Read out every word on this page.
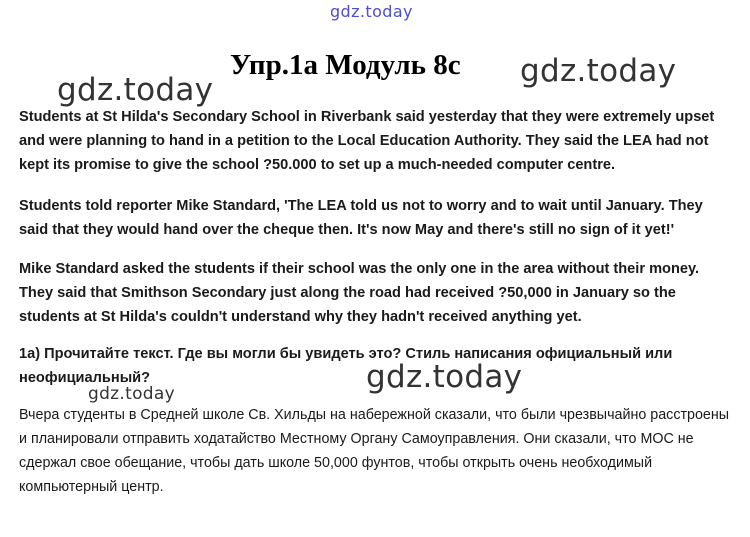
gdz.today
gdz.today
Упр.1а Модуль 8с gdz.today

Students at St Hilda's Secondary School in Riverbank said yesterday that they were extremely upset and were planning to hand in a petition to the Local Education Authority. They said the LEA had not kept its promise to give the school ?50.000 to set up a much-needed computer centre.

Students told reporter Mike Standard, 'The LEA told us not to worry and to wait until January. They said that they would hand over the cheque then. It's now May and there's still no sign of it yet!'

Mike Standard asked the students if their school was the only one in the area without their money. They said that Smithson Secondary just along the road had received ?50,000 in January so the students at St Hilda's couldn't understand why they hadn't received anything yet.

1а) Прочитайте текст. Где вы могли бы увидеть это? Стиль написания официальный или неофициальный?	gdz.today
gdz.today

Вчера студенты в Средней школе Св. Хильды на набережной сказали, что были чрезвычайно расстроены и планировали отправить ходатайство Местному Органу Самоуправления. Они сказали, что МОС не сдержал свое обещание, чтобы дать школе 50,000 фунтов, чтобы открыть очень необходимый компьютерный центр.
